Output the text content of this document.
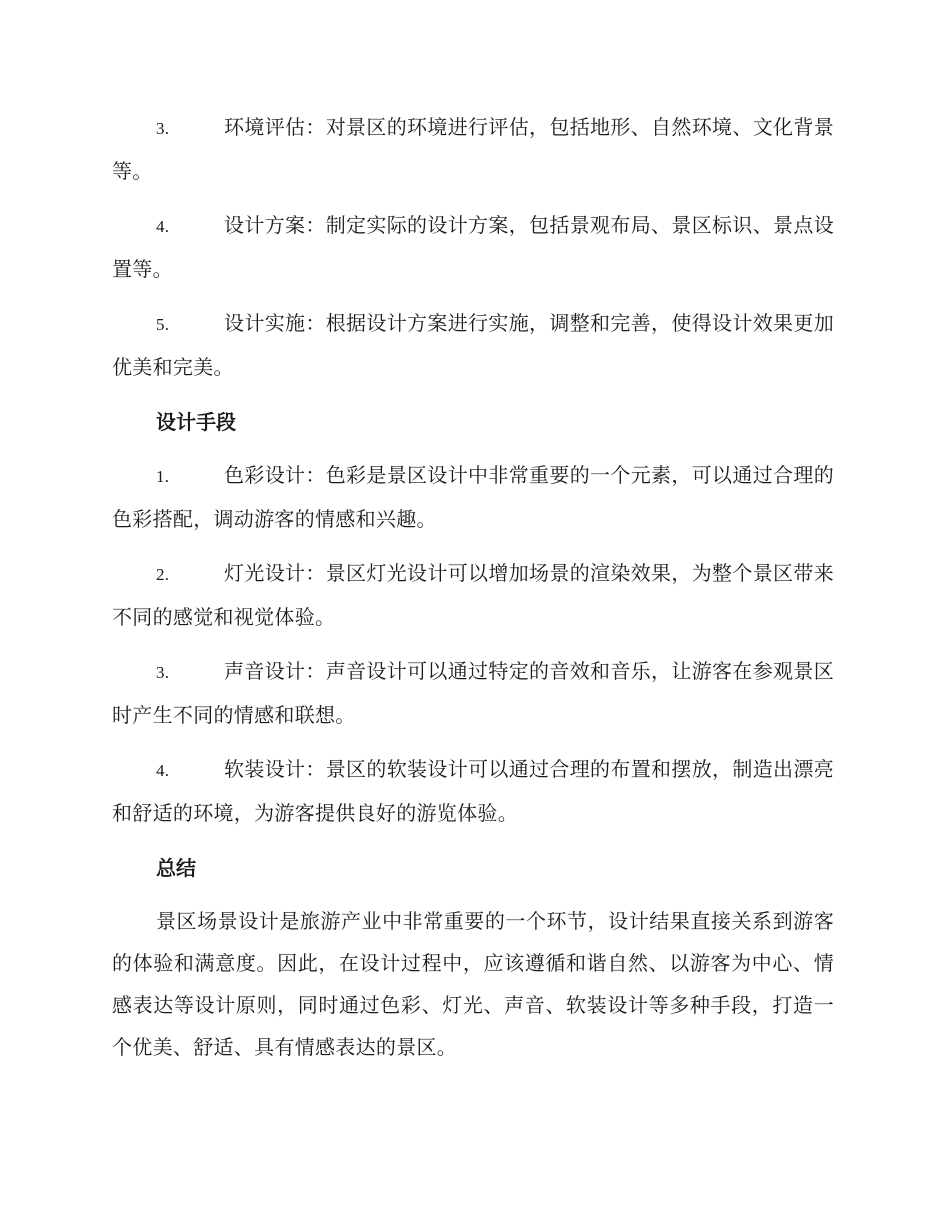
3.	环境评估：对景区的环境进行评估，包括地形、自然环境、文化背景等。

4.	设计方案：制定实际的设计方案，包括景观布局、景区标识、景点设置等。

5.	设计实施：根据设计方案进行实施，调整和完善，使得设计效果更加优美和完美。

设计手段

1.	色彩设计：色彩是景区设计中非常重要的一个元素，可以通过合理的色彩搭配，调动游客的情感和兴趣。

2.	灯光设计：景区灯光设计可以增加场景的渲染效果，为整个景区带来不同的感觉和视觉体验。

3.	声音设计：声音设计可以通过特定的音效和音乐，让游客在参观景区时产生不同的情感和联想。

4.	软装设计：景区的软装设计可以通过合理的布置和摆放，制造出漂亮和舒适的环境，为游客提供良好的游览体验。

总结

景区场景设计是旅游产业中非常重要的一个环节，设计结果直接关系到游客的体验和满意度。因此，在设计过程中，应该遵循和谐自然、以游客为中心、情感表达等设计原则，同时通过色彩、灯光、声音、软装设计等多种手段，打造一个优美、舒适、具有情感表达的景区。
